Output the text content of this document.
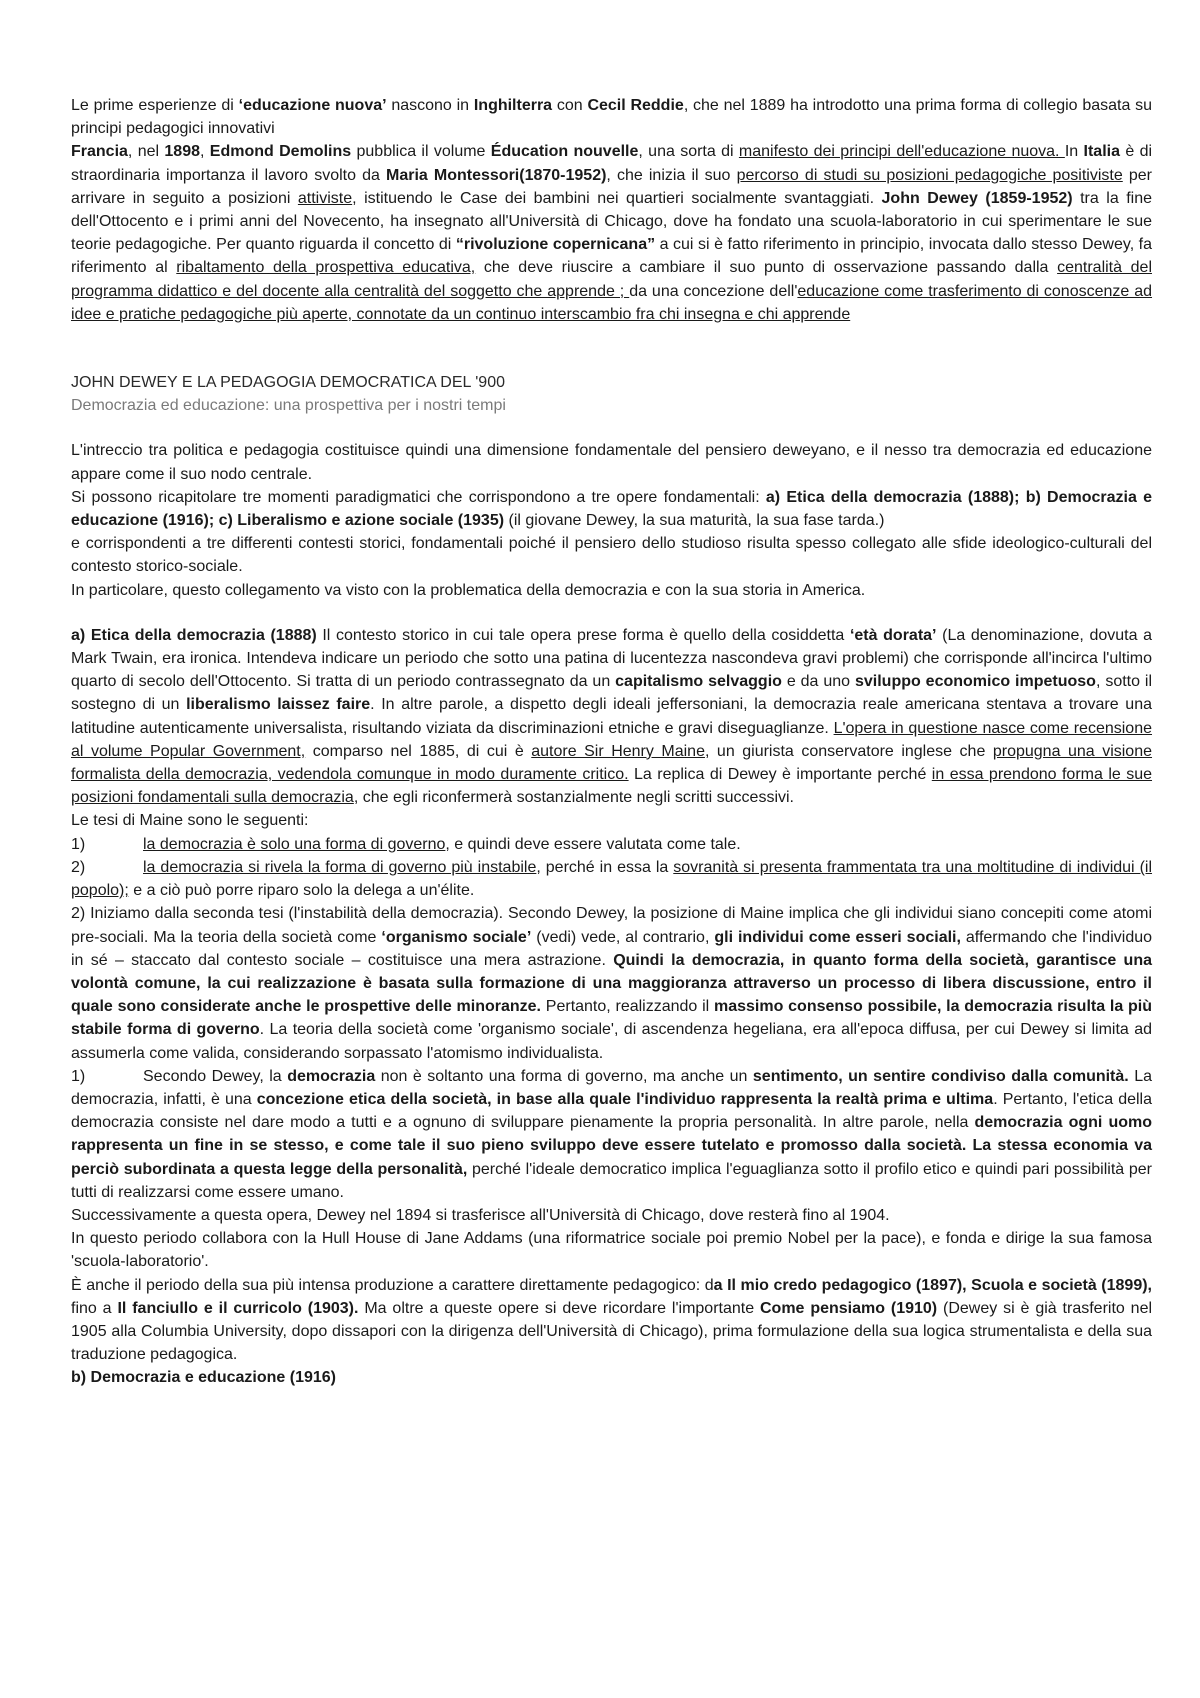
Le prime esperienze di ‘educazione nuova’ nascono in Inghilterra con Cecil Reddie, che nel 1889 ha introdotto una prima forma di collegio basata su principi pedagogici innovativi
Francia, nel 1898, Edmond Demolins pubblica il volume Éducation nouvelle, una sorta di manifesto dei principi dell'educazione nuova. In Italia è di straordinaria importanza il lavoro svolto da Maria Montessori(1870-1952), che inizia il suo percorso di studi su posizioni pedagogiche positiviste per arrivare in seguito a posizioni attiviste, istituendo le Case dei bambini nei quartieri socialmente svantaggiati. John Dewey (1859-1952) tra la fine dell'Ottocento e i primi anni del Novecento, ha insegnato all'Università di Chicago, dove ha fondato una scuola-laboratorio in cui sperimentare le sue teorie pedagogiche. Per quanto riguarda il concetto di “rivoluzione copernicana” a cui si è fatto riferimento in principio, invocata dallo stesso Dewey, fa riferimento al ribaltamento della prospettiva educativa, che deve riuscire a cambiare il suo punto di osservazione passando dalla centralità del programma didattico e del docente alla centralità del soggetto che apprende ; da una concezione dell'educazione come trasferimento di conoscenze ad idee e pratiche pedagogiche più aperte, connotate da un continuo interscambio fra chi insegna e chi apprende

JOHN DEWEY E LA PEDAGOGIA DEMOCRATICA DEL '900

Democrazia ed educazione: una prospettiva per i nostri tempi

L'intreccio tra politica e pedagogia costituisce quindi una dimensione fondamentale del pensiero deweyano, e il nesso tra democrazia ed educazione appare come il suo nodo centrale.

Si possono ricapitolare tre momenti paradigmatici che corrispondono a tre opere fondamentali: a) Etica della democrazia (1888); b) Democrazia e educazione (1916); c) Liberalismo e azione sociale (1935) (il giovane Dewey, la sua maturità, la sua fase tarda.)

e corrispondenti a tre differenti contesti storici, fondamentali poiché il pensiero dello studioso risulta spesso collegato alle sfide ideologico-culturali del contesto storico-sociale.

In particolare, questo collegamento va visto con la problematica della democrazia e con la sua storia in America.

a) Etica della democrazia (1888) Il contesto storico in cui tale opera prese forma è quello della cosiddetta ‘età dorata’ (La denominazione, dovuta a Mark Twain, era ironica. Intendeva indicare un periodo che sotto una patina di lucentezza nascondeva gravi problemi) che corrisponde all'incirca l'ultimo quarto di secolo dell'Ottocento. Si tratta di un periodo contrassegnato da un capitalismo selvaggio e da uno sviluppo economico impetuoso, sotto il sostegno di un liberalismo laissez faire. In altre parole, a dispetto degli ideali jeffersoniani, la democrazia reale americana stentava a trovare una latitudine autenticamente universalista, risultando viziata da discriminazioni etniche e gravi diseguaglianze. L'opera in questione nasce come recensione al volume Popular Government, comparso nel 1885, di cui è autore Sir Henry Maine, un giurista conservatore inglese che propugna una visione formalista della democrazia, vedendola comunque in modo duramente critico. La replica di Dewey è importante perché in essa prendono forma le sue posizioni fondamentali sulla democrazia, che egli riconfermerà sostanzialmente negli scritti successivi.

Le tesi di Maine sono le seguenti:

1)	la democrazia è solo una forma di governo, e quindi deve essere valutata come tale.

2)	la democrazia si rivela la forma di governo più instabile, perché in essa la sovranità si presenta frammentata tra una moltitudine di individui (il popolo); e a ciò può porre riparo solo la delega a un'élite.

2) Iniziamo dalla seconda tesi (l'instabilità della democrazia). Secondo Dewey, la posizione di Maine implica che gli individui siano concepiti come atomi pre-sociali. Ma la teoria della società come ‘organismo sociale’ (vedi) vede, al contrario, gli individui come esseri sociali, affermando che l'individuo in sé – staccato dal contesto sociale – costituisce una mera astrazione. Quindi la democrazia, in quanto forma della società, garantisce una volontà comune, la cui realizzazione è basata sulla formazione di una maggioranza attraverso un processo di libera discussione, entro il quale sono considerate anche le prospettive delle minoranze. Pertanto, realizzando il massimo consenso possibile, la democrazia risulta la più stabile forma di governo. La teoria della società come 'organismo sociale', di ascendenza hegeliana, era all'epoca diffusa, per cui Dewey si limita ad assumerla come valida, considerando sorpassato l'atomismo individualista.

1)	Secondo Dewey, la democrazia non è soltanto una forma di governo, ma anche un sentimento, un sentire condiviso dalla comunità. La democrazia, infatti, è una concezione etica della società, in base alla quale l'individuo rappresenta la realtà prima e ultima. Pertanto, l'etica della democrazia consiste nel dare modo a tutti e a ognuno di sviluppare pienamente la propria personalità. In altre parole, nella democrazia ogni uomo rappresenta un fine in se stesso, e come tale il suo pieno sviluppo deve essere tutelato e promosso dalla società. La stessa economia va perciò subordinata a questa legge della personalità, perché l'ideale democratico implica l'eguaglianza sotto il profilo etico e quindi pari possibilità per tutti di realizzarsi come essere umano.

Successivamente a questa opera, Dewey nel 1894 si trasferisce all'Università di Chicago, dove resterà fino al 1904.

In questo periodo collabora con la Hull House di Jane Addams (una riformatrice sociale poi premio Nobel per la pace), e fonda e dirige la sua famosa 'scuola-laboratorio'.

È anche il periodo della sua più intensa produzione a carattere direttamente pedagogico: da Il mio credo pedagogico (1897), Scuola e società (1899), fino a Il fanciullo e il curricolo (1903). Ma oltre a queste opere si deve ricordare l'importante Come pensiamo (1910) (Dewey si è già trasferito nel 1905 alla Columbia University, dopo dissapori con la dirigenza dell'Università di Chicago), prima formulazione della sua logica strumentalista e della sua traduzione pedagogica.

b) Democrazia e educazione (1916)
